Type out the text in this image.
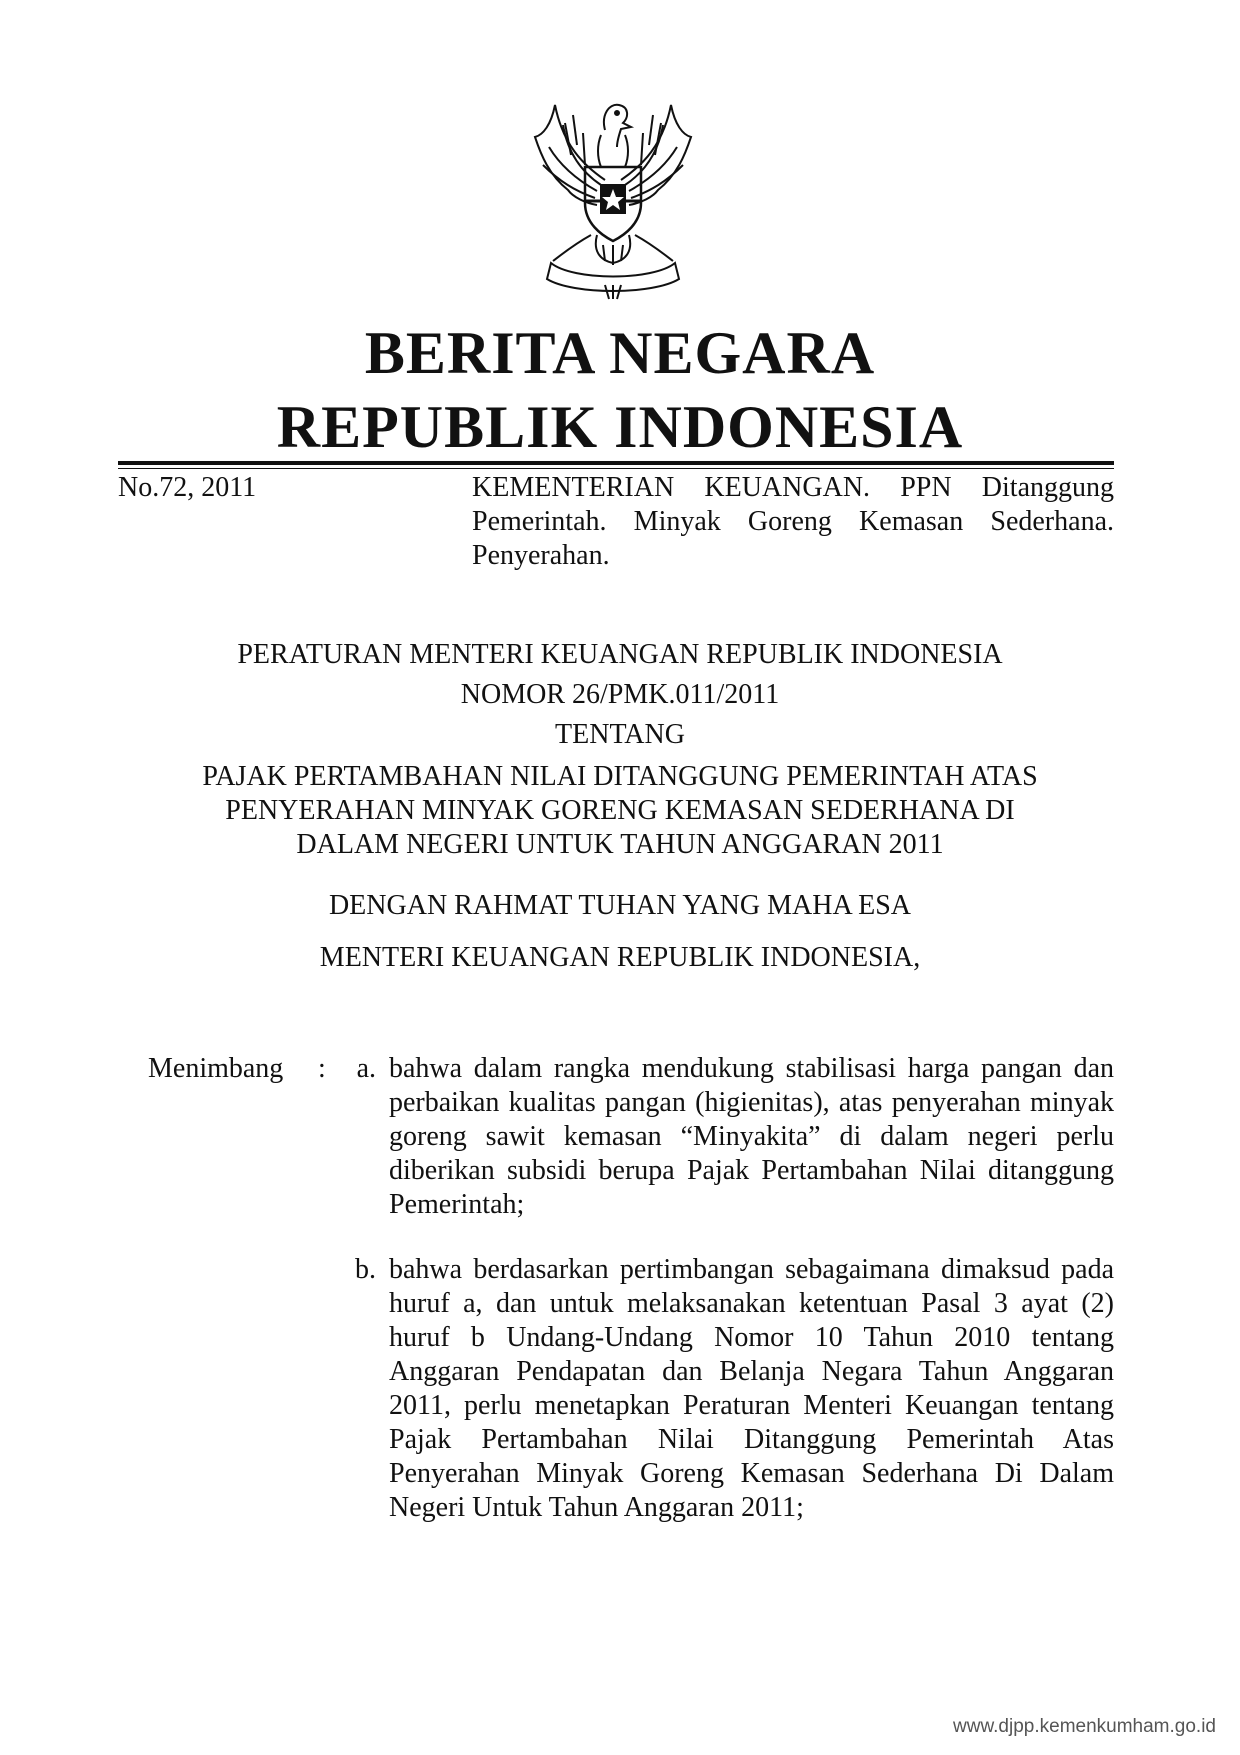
BERITA NEGARA
REPUBLIK INDONESIA
No.72, 2011	KEMENTERIAN KEUANGAN. PPN Ditanggung Pemerintah. Minyak Goreng Kemasan Sederhana. Penyerahan.
PERATURAN MENTERI KEUANGAN REPUBLIK INDONESIA
NOMOR 26/PMK.011/2011
TENTANG
PAJAK PERTAMBAHAN NILAI DITANGGUNG PEMERINTAH ATAS
PENYERAHAN MINYAK GORENG KEMASAN SEDERHANA DI
DALAM NEGERI UNTUK TAHUN ANGGARAN 2011
DENGAN RAHMAT TUHAN YANG MAHA ESA
MENTERI KEUANGAN REPUBLIK INDONESIA,
Menimbang :	a. bahwa dalam rangka mendukung stabilisasi harga pangan dan perbaikan kualitas pangan (higienitas), atas penyerahan minyak goreng sawit kemasan “Minyakita” di dalam negeri perlu diberikan subsidi berupa Pajak Pertambahan Nilai ditanggung Pemerintah;
b. bahwa berdasarkan pertimbangan sebagaimana dimaksud pada huruf a, dan untuk melaksanakan ketentuan Pasal 3 ayat (2) huruf b Undang-Undang Nomor 10 Tahun 2010 tentang Anggaran Pendapatan dan Belanja Negara Tahun Anggaran 2011, perlu menetapkan Peraturan Menteri Keuangan tentang Pajak Pertambahan Nilai Ditanggung Pemerintah Atas Penyerahan Minyak Goreng Kemasan Sederhana Di Dalam Negeri Untuk Tahun Anggaran 2011;
www.djpp.kemenkumham.go.id
